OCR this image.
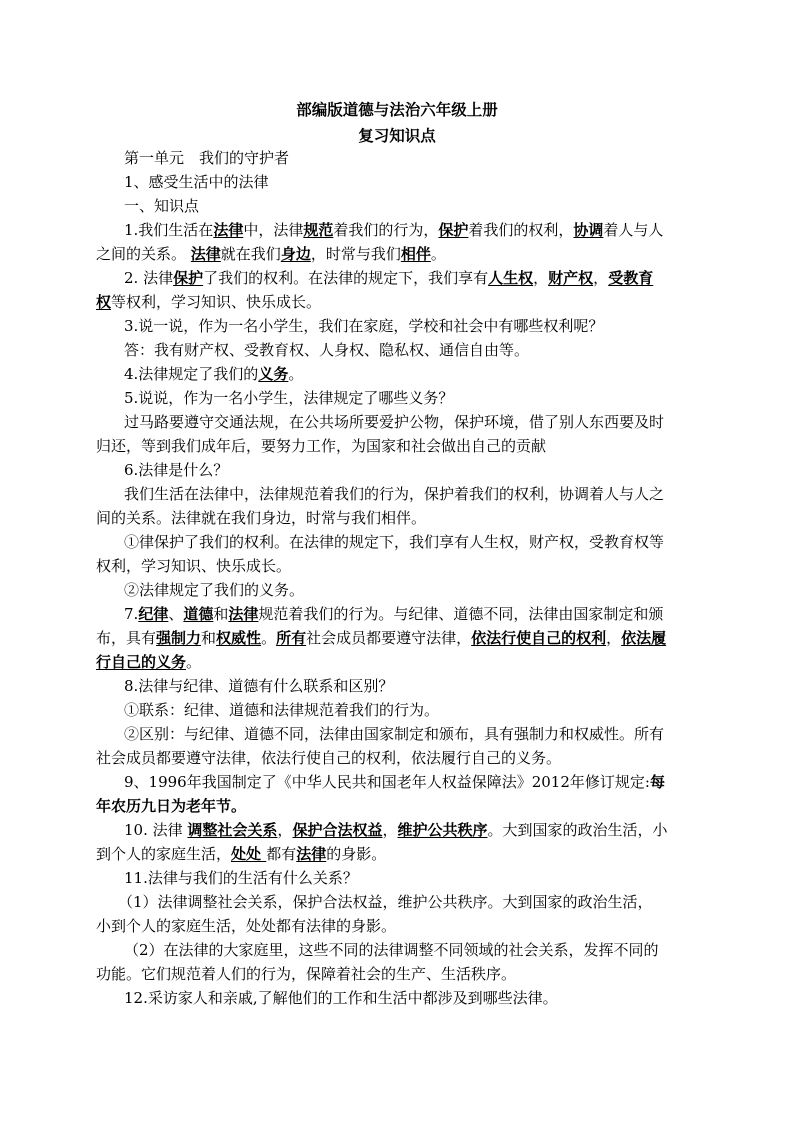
部编版道德与法治六年级上册
复习知识点
第一单元　我们的守护者
1、感受生活中的法律
一、知识点
1.我们生活在法律中，法律规范着我们的行为，保护着我们的权利，协调着人与人
之间的关系。 法律就在我们身边，时常与我们相伴。
2. 法律保护了我们的权利。在法律的规定下，我们享有人生权，财产权，受教育
权等权利，学习知识、快乐成长。
3.说一说，作为一名小学生，我们在家庭，学校和社会中有哪些权利呢？
答：我有财产权、受教育权、人身权、隐私权、通信自由等。
4.法律规定了我们的义务。
5.说说，作为一名小学生，法律规定了哪些义务？
过马路要遵守交通法规，在公共场所要爱护公物，保护环境，借了别人东西要及时
归还，等到我们成年后，要努力工作，为国家和社会做出自己的贡献
6.法律是什么？
我们生活在法律中，法律规范着我们的行为，保护着我们的权利，协调着人与人之
间的关系。法律就在我们身边，时常与我们相伴。
①律保护了我们的权利。在法律的规定下，我们享有人生权，财产权，受教育权等
权利，学习知识、快乐成长。
②法律规定了我们的义务。
7.纪律、道德和法律规范着我们的行为。与纪律、道德不同，法律由国家制定和颁
布，具有强制力和权威性。所有社会成员都要遵守法律，依法行使自己的权利，依法履
行自己的义务。
8.法律与纪律、道德有什么联系和区别？
①联系：纪律、道德和法律规范着我们的行为。
②区别：与纪律、道德不同，法律由国家制定和颁布，具有强制力和权威性。所有
社会成员都要遵守法律，依法行使自己的权利，依法履行自己的义务。
9、1996年我国制定了《中华人民共和国老年人权益保障法》2012年修订规定:每
年农历九日为老年节。
10. 法律 调整社会关系，保护合法权益，维护公共秩序。大到国家的政治生活，小
到个人的家庭生活，处处 都有法律的身影。
11.法律与我们的生活有什么关系？
（1）法律调整社会关系，保护合法权益，维护公共秩序。大到国家的政治生活，
小到个人的家庭生活，处处都有法律的身影。
（2）在法律的大家庭里，这些不同的法律调整不同领域的社会关系，发挥不同的
功能。它们规范着人们的行为，保障着社会的生产、生活秩序。
12.采访家人和亲戚,了解他们的工作和生活中都涉及到哪些法律。
